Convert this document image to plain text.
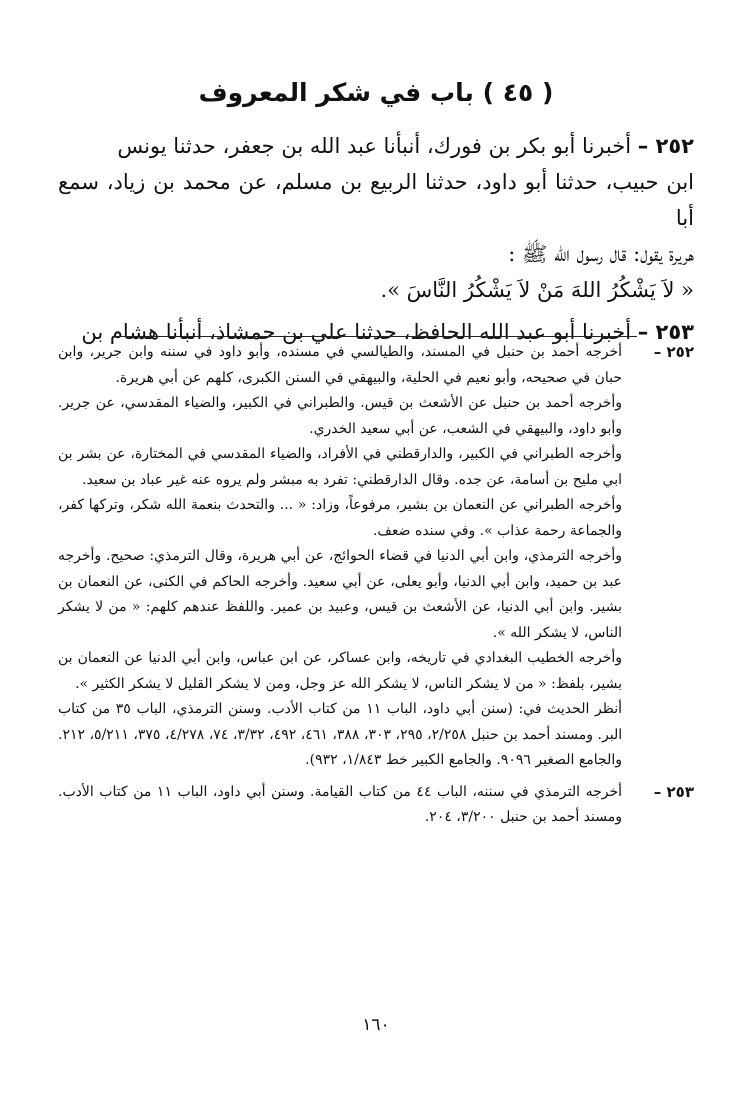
( ٤٥ ) باب في شكر المعروف

٢٥٢ – أخبرنا أبو بكر بن فورك، أنبأنا عبد الله بن جعفر، حدثنا يونس

ابن حبيب، حدثنا أبو داود، حدثنا الربيع بن مسلم، عن محمد بن زياد، سمع أبا

هريرة يقول: قال رسول الله ﷺ :

« لاَ يَشْكُرُ اللهَ مَنْ لاَ يَشْكُرُ النَّاسَ ».

٢٥٣ – أخبرنا أبو عبد الله الحافظ، حدثنا علي بن حمشاذ، أنبأنا هشام بن

٢٥٢ –

أخرجه أحمد بن حنبل في المسند، والطيالسي في مسنده، وأبو داود في سننه وابن جرير، وابن حبان في صحيحه، وأبو نعيم في الحلية، والبيهقي في السنن الكبرى، كلهم عن أبي هريرة.

وأخرجه أحمد بن حنبل عن الأشعث بن قيس. والطبراني في الكبير، والضياء المقدسي، عن جرير. وأبو داود، والبيهقي في الشعب، عن أبي سعيد الخدري.

وأخرجه الطبراني في الكبير، والدارقطني في الأفراد، والضياء المقدسي في المختارة، عن بشر بن ابي مليح بن أسامة، عن جده. وقال الدارقطني: تفرد به مبشر ولم يروه عنه غير عباد بن سعيد.

وأخرجه الطبراني عن النعمان بن بشير، مرفوعاً، وزاد: « ... والتحدث بنعمة الله شكر، وتركها كفر، والجماعة رحمة عذاب ». وفي سنده ضعف.

وأخرجه الترمذي، وابن أبي الدنيا في قضاء الحوائج، عن أبي هريرة، وقال الترمذي: صحيح. وأخرجه عبد بن حميد، وابن أبي الدنيا، وأبو يعلى، عن أبي سعيد. وأخرجه الحاكم في الكنى، عن النعمان بن بشير. وابن أبي الدنيا، عن الأشعث بن قيس، وعبيد بن عمير. واللفظ عندهم كلهم: « من لا يشكر الناس، لا يشكر الله ».

وأخرجه الخطيب البغدادي في تاريخه، وابن عساكر، عن ابن عباس، وابن أبي الدنيا عن النعمان بن بشير، بلفظ: « من لا يشكر الناس، لا يشكر الله عز وجل، ومن لا يشكر القليل لا يشكر الكثير ».

أنظر الحديث في: (سنن أبي داود، الباب ١١ من كتاب الأدب. وسنن الترمذي، الباب ٣٥ من كتاب البر. ومسند أحمد بن حنبل ٢/٢٥٨، ٢٩٥، ٣٠٣، ٣٨٨، ٤٦١، ٤٩٢، ٣/٣٢، ٧٤، ٤/٢٧٨، ٣٧٥، ٥/٢١١، ٢١٢. والجامع الصغير ٩٠٩٦. والجامع الكبير خط ١/٨٤٣، ٩٣٢).

٢٥٣ –

أخرجه الترمذي في سننه، الباب ٤٤ من كتاب القيامة. وسنن أبي داود، الباب ١١ من كتاب الأدب. ومسند أحمد بن حنبل ٣/٢٠٠، ٢٠٤.

١٦٠
